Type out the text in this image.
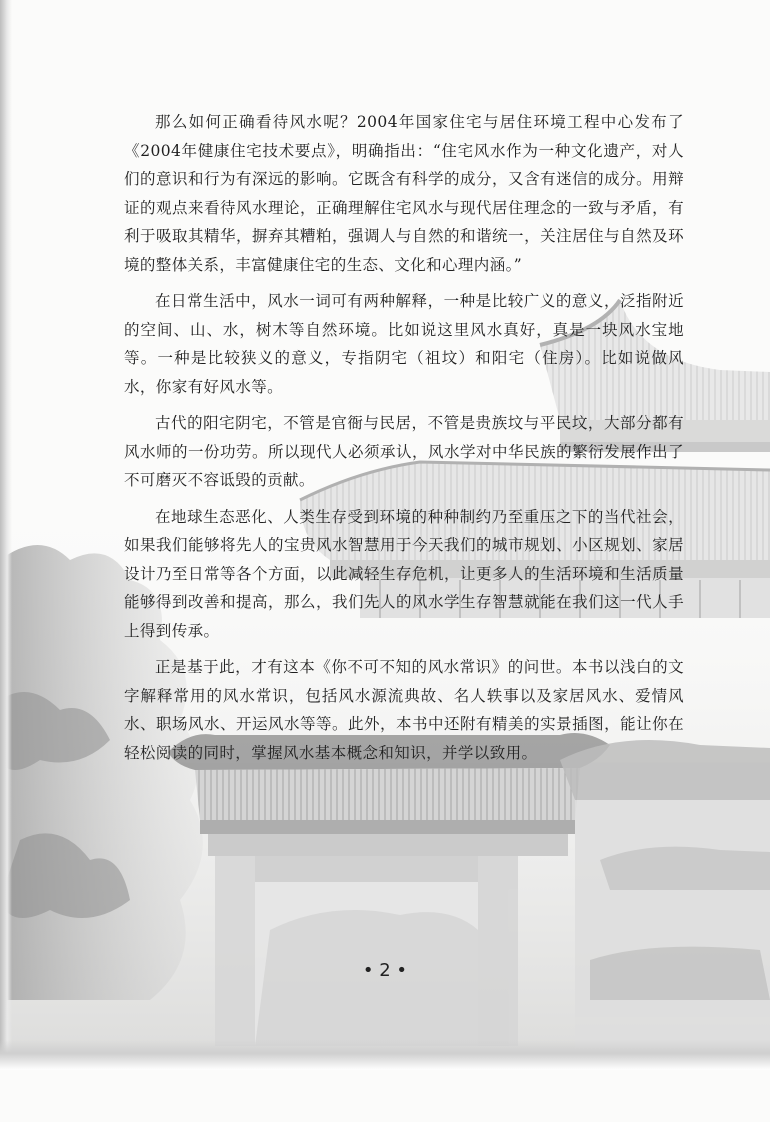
那么如何正确看待风水呢？2004年国家住宅与居住环境工程中心发布了《2004年健康住宅技术要点》，明确指出：“住宅风水作为一种文化遗产，对人们的意识和行为有深远的影响。它既含有科学的成分，又含有迷信的成分。用辩证的观点来看待风水理论，正确理解住宅风水与现代居住理念的一致与矛盾，有利于吸取其精华，摒弃其糟粕，强调人与自然的和谐统一，关注居住与自然及环境的整体关系，丰富健康住宅的生态、文化和心理内涵。”

在日常生活中，风水一词可有两种解释，一种是比较广义的意义，泛指附近的空间、山、水，树木等自然环境。比如说这里风水真好，真是一块风水宝地等。一种是比较狭义的意义，专指阴宅（祖坟）和阳宅（住房）。比如说做风水，你家有好风水等。

古代的阳宅阴宅，不管是官衙与民居，不管是贵族坟与平民坟，大部分都有风水师的一份功劳。所以现代人必须承认，风水学对中华民族的繁衍发展作出了不可磨灭不容诋毁的贡献。

在地球生态恶化、人类生存受到环境的种种制约乃至重压之下的当代社会，如果我们能够将先人的宝贵风水智慧用于今天我们的城市规划、小区规划、家居设计乃至日常等各个方面，以此减轻生存危机，让更多人的生活环境和生活质量能够得到改善和提高，那么，我们先人的风水学生存智慧就能在我们这一代人手上得到传承。

正是基于此，才有这本《你不可不知的风水常识》的问世。本书以浅白的文字解释常用的风水常识，包括风水源流典故、名人轶事以及家居风水、爱情风水、职场风水、开运风水等等。此外，本书中还附有精美的实景插图，能让你在轻松阅读的同时，掌握风水基本概念和知识，并学以致用。

• 2 •
